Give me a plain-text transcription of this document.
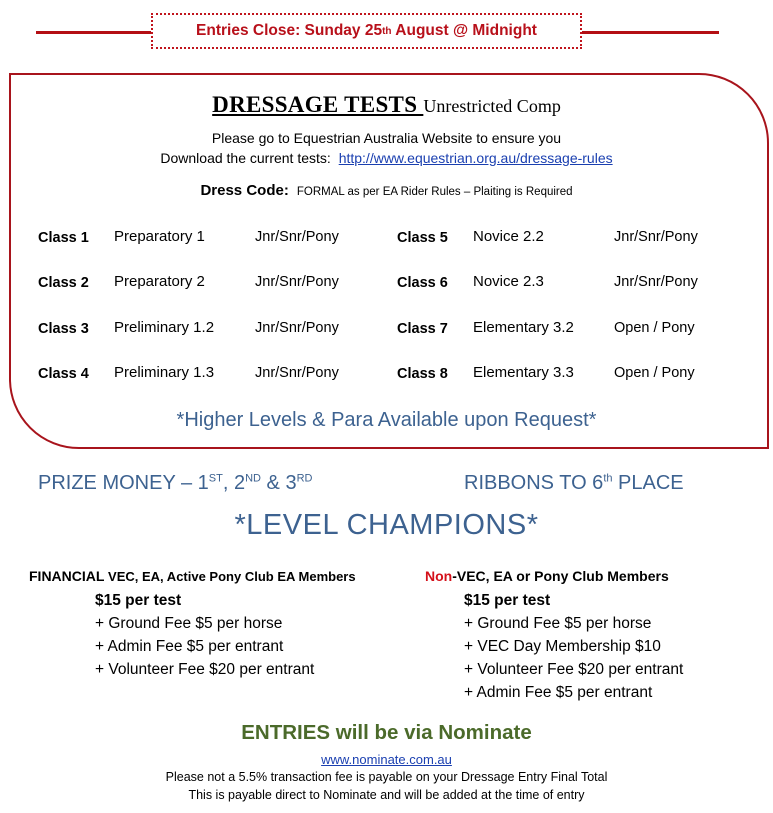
Entries Close: Sunday 25 th August @ Midnight
DRESSAGE TESTS Unrestricted Comp
Please go to Equestrian Australia Website to ensure you
Download the current tests: http://www.equestrian.org.au/dressage-rules
Dress Code: FORMAL as per EA Rider Rules – Plaiting is Required
Class 1 Preparatory 1	Jnr/Snr/Pony
Class 2 Preparatory 2	Jnr/Snr/Pony
Class 3 Preliminary 1.2	Jnr/Snr/Pony
Class 4 Preliminary 1.3	Jnr/Snr/Pony
Class 5 Novice 2.2	Jnr/Snr/Pony
Class 6 Novice 2.3	Jnr/Snr/Pony
Class 7 Elementary 3.2	Open / Pony
Class 8 Elementary 3.3	Open / Pony
*Higher Levels & Para Available upon Request*
PRIZE MONEY – 1ST, 2ND & 3RD	RIBBONS TO 6th PLACE
*LEVEL CHAMPIONS*
FINANCIAL VEC, EA, Active Pony Club EA Members
$15 per test
+ Ground Fee $5 per horse
+ Admin Fee $5 per entrant
+ Volunteer Fee $20 per entrant
Non-VEC, EA or Pony Club Members
$15 per test
+ Ground Fee $5 per horse
+ VEC Day Membership $10
+ Volunteer Fee $20 per entrant
+ Admin Fee $5 per entrant
ENTRIES will be via Nominate
www.nominate.com.au
Please not a 5.5% transaction fee is payable on your Dressage Entry Final Total
This is payable direct to Nominate and will be added at the time of entry
